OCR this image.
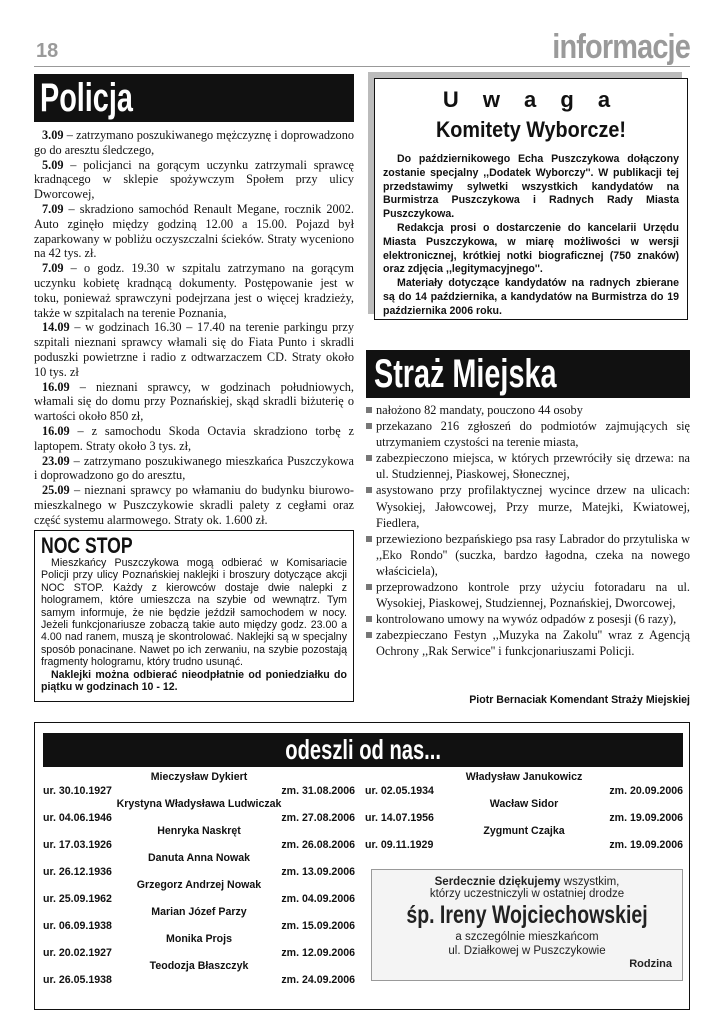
18	informacje
Policja

3.09 – zatrzymano poszukiwanego mężczyznę i doprowadzono go do aresztu śledczego,

5.09 – policjanci na gorącym uczynku zatrzymali sprawcę kradnącego w sklepie spożywczym Społem przy ulicy Dworcowej,

7.09 – skradziono samochód Renault Megane, rocznik 2002. Auto zginęło między godziną 12.00 a 15.00. Pojazd był zaparkowany w pobliżu oczyszczalni ścieków. Straty wyceniono na 42 tys. zł.

7.09 – o godz. 19.30 w szpitalu zatrzymano na gorącym uczynku kobietę kradnącą dokumenty. Postępowanie jest w toku, ponieważ sprawczyni podejrzana jest o więcej kradzieży, także w szpitalach na terenie Poznania,

14.09 – w godzinach 16.30 – 17.40 na terenie parkingu przy szpitali nieznani sprawcy włamali się do Fiata Punto i skradli poduszki powietrzne i radio z odtwarzaczem CD. Straty około 10 tys. zł

16.09 – nieznani sprawcy, w godzinach południowych, włamali się do domu przy Poznańskiej, skąd skradli biżuterię o wartości około 850 zł,

16.09 – z samochodu Skoda Octavia skradziono torbę z laptopem. Straty około 3 tys. zł,

23.09 – zatrzymano poszukiwanego mieszkańca Puszczykowa i doprowadzono go do aresztu,

25.09 – nieznani sprawcy po włamaniu do budynku biurowo-mieszkalnego w Puszczykowie skradli palety z cegłami oraz część systemu alarmowego. Straty ok. 1.600 zł.

U w a g a
Komitety Wyborcze!

Do październikowego Echa Puszczykowa dołączony zostanie specjalny ,,Dodatek Wyborczy''. W publikacji tej przedstawimy sylwetki wszystkich kandydatów na Burmistrza Puszczykowa i Radnych Rady Miasta Puszczykowa.

Redakcja prosi o dostarczenie do kancelarii Urzędu Miasta Puszczykowa, w miarę możliwości w wersji elektronicznej, krótkiej notki biograficznej (750 znaków) oraz zdjęcia ,,legitymacyjnego''.

Materiały dotyczące kandydatów na radnych zbierane są do 14 października, a kandydatów na Burmistrza do 19 października 2006 roku.

NOC STOP

Mieszkańcy Puszczykowa mogą odbierać w Komisariacie Policji przy ulicy Poznańskiej naklejki i broszury dotyczące akcji NOC STOP. Każdy z kierowców dostaje dwie nalepki z hologramem, które umieszcza na szybie od wewnątrz. Tym samym informuje, że nie będzie jeździł samochodem w nocy. Jeżeli funkcjonariusze zobaczą takie auto między godz. 23.00 a 4.00 nad ranem, muszą je skontrolować. Naklejki są w specjalny sposób ponacinane. Nawet po ich zerwaniu, na szybie pozostają fragmenty hologramu, który trudno usunąć.

Naklejki można odbierać nieodpłatnie od poniedziałku do piątku w godzinach 10 - 12.

Straż Miejska
nałożono 82 mandaty, pouczono 44 osoby
przekazano 216 zgłoszeń do podmiotów zajmujących się utrzymaniem czystości na terenie miasta,
zabezpieczono miejsca, w których przewróciły się drzewa: na ul. Studziennej, Piaskowej, Słonecznej,
asystowano przy profilaktycznej wycince drzew na ulicach: Wysokiej, Jałowcowej, Przy murze, Matejki, Kwiatowej, Fiedlera,
przewieziono bezpańskiego psa rasy Labrador do przytuliska w ,,Eko Rondo'' (suczka, bardzo łagodna, czeka na nowego właściciela),
przeprowadzono kontrole przy użyciu fotoradaru na ul. Wysokiej, Piaskowej, Studziennej, Poznańskiej, Dworcowej,
kontrolowano umowy na wywóz odpadów z posesji (6 razy),
zabezpieczano Festyn ,,Muzyka na Zakolu'' wraz z Agencją Ochrony ,,Rak Serwice'' i funkcjonariuszami Policji.
Piotr Bernaciak Komendant Straży Miejskiej
odeszli od nas...
Mieczysław Dykiert
ur. 30.10.1927	zm. 31.08.2006
Krystyna Władysława Ludwiczak
ur. 04.06.1946	zm. 27.08.2006
Henryka Naskręt
ur. 17.03.1926	zm. 26.08.2006
Danuta Anna Nowak
ur. 26.12.1936	zm. 13.09.2006
Grzegorz Andrzej Nowak
ur. 25.09.1962	zm. 04.09.2006
Marian Józef Parzy
ur. 06.09.1938	zm. 15.09.2006
Monika Projs
ur. 20.02.1927	zm. 12.09.2006
Teodozja Błaszczyk
ur. 26.05.1938	zm. 24.09.2006
Władysław Janukowicz
ur. 02.05.1934	zm. 20.09.2006
Wacław Sidor
ur. 14.07.1956	zm. 19.09.2006
Zygmunt Czajka
ur. 09.11.1929	zm. 19.09.2006
Serdecznie dziękujemy wszystkim,
którzy uczestniczyli w ostatniej drodze
śp. Ireny Wojciechowskiej
a szczególnie mieszkańcom
ul. Działkowej w Puszczykowie
Rodzina
